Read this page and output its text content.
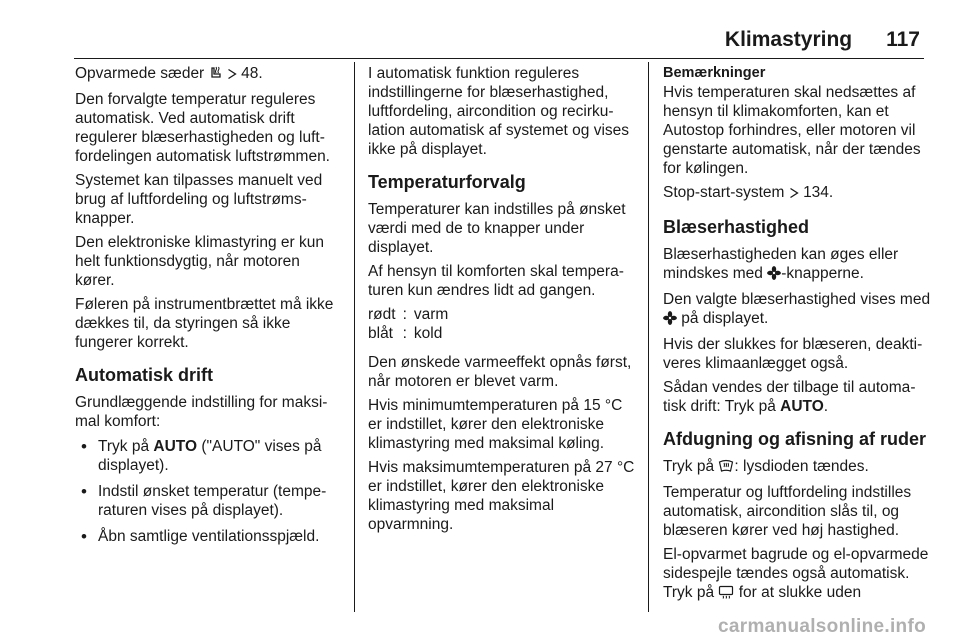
Klimastyring 117

Opvarmede sæder   48.

Den forvalgte temperatur reguleres automatisk. Ved automatisk drift regulerer blæserhastigheden og luftfordelingen automatisk luftstrømmen.

Systemet kan tilpasses manuelt ved brug af luftfordeling og luftstrømsknapper.

Den elektroniske klimastyring er kun helt funktionsdygtig, når motoren kører.

Føleren på instrumentbrættet må ikke dækkes til, da styringen så ikke fungerer korrekt.

Automatisk drift

Grundlæggende indstilling for maksimal komfort:

• Tryk på AUTO ("AUTO" vises på displayet).
• Indstil ønsket temperatur (temperaturen vises på displayet).
• Åbn samtlige ventilationsspjæld.

I automatisk funktion reguleres indstillingerne for blæserhastighed, luftfordeling, aircondition og recirkulation automatisk af systemet og vises ikke på displayet.

Temperaturforvalg

Temperaturer kan indstilles på ønsket værdi med de to knapper under displayet.

Af hensyn til komforten skal temperaturen kun ændres lidt ad gangen.

rødt	:	varm
blåt	:	kold

Den ønskede varmeeffekt opnås først, når motoren er blevet varm.

Hvis minimumtemperaturen på 15 °C er indstillet, kører den elektroniske klimastyring med maksimal køling.

Hvis maksimumtemperaturen på 27 °C er indstillet, kører den elektroniske klimastyring med maksimal opvarmning.

Bemærkninger

Hvis temperaturen skal nedsættes af hensyn til klimakomforten, kan et Autostop forhindres, eller motoren vil genstarte automatisk, når der tændes for kølingen.

Stop-start-system  134.

Blæserhastighed

Blæserhastigheden kan øges eller mindskes med -knapperne.

Den valgte blæserhastighed vises med  på displayet.

Hvis der slukkes for blæseren, deaktiveres klimaanlægget også.

Sådan vendes der tilbage til automatisk drift: Tryk på AUTO.

Afdugning og afisning af ruder

Tryk på : lysdioden tændes.

Temperatur og luftfordeling indstilles automatisk, aircondition slås til, og blæseren kører ved høj hastighed.

El-opvarmet bagrude og el-opvarmede sidespejle tændes også automatisk. Tryk på  for at slukke uden

carmanualsonline.info
